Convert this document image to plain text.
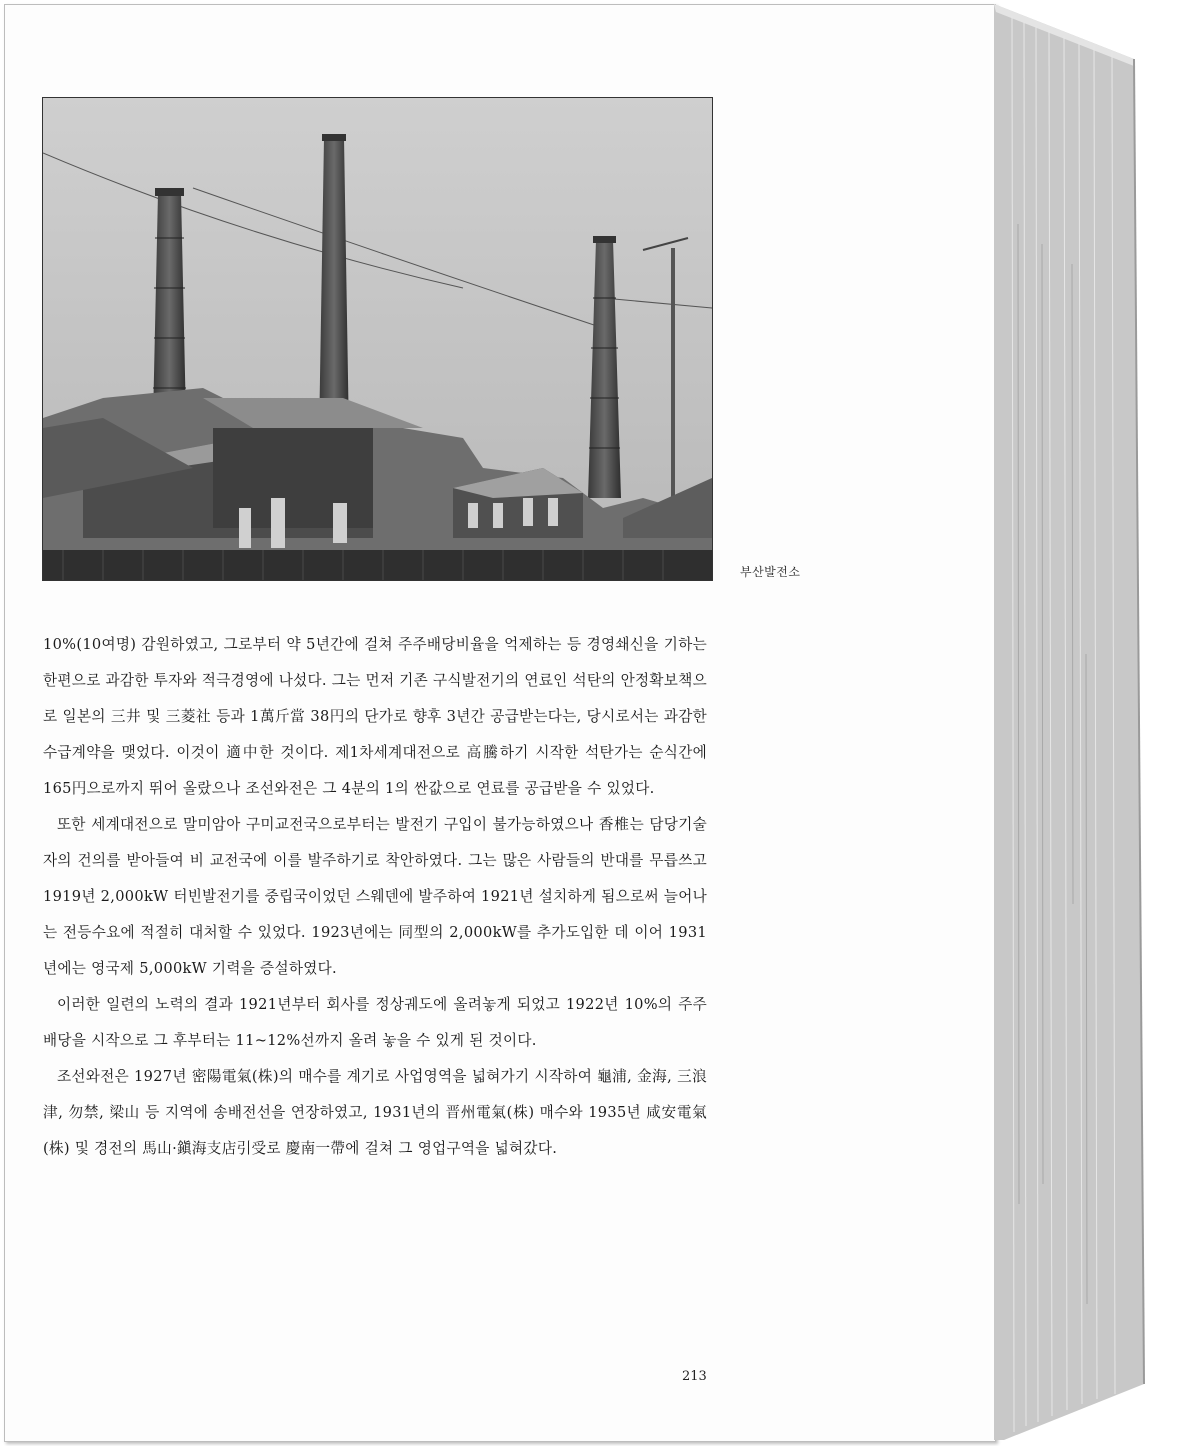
부산발전소

10%(10여명) 감원하였고, 그로부터 약 5년간에 걸쳐 주주배당비율을 억제하는 등 경영쇄신을 기하는 한편으로 과감한 투자와 적극경영에 나섰다. 그는 먼저 기존 구식발전기의 연료인 석탄의 안정확보책으로 일본의 三井 및 三菱社 등과 1萬斤當 38円의 단가로 향후 3년간 공급받는다는, 당시로서는 과감한 수급계약을 맺었다. 이것이 適中한 것이다. 제1차세계대전으로 高騰하기 시작한 석탄가는 순식간에 165円으로까지 뛰어 올랐으나 조선와전은 그 4분의 1의 싼값으로 연료를 공급받을 수 있었다.

또한 세계대전으로 말미암아 구미교전국으로부터는 발전기 구입이 불가능하였으나 香椎는 담당기술자의 건의를 받아들여 비 교전국에 이를 발주하기로 착안하였다. 그는 많은 사람들의 반대를 무릅쓰고 1919년 2,000kW 터빈발전기를 중립국이었던 스웨덴에 발주하여 1921년 설치하게 됨으로써 늘어나는 전등수요에 적절히 대처할 수 있었다. 1923년에는 同型의 2,000kW를 추가도입한 데 이어 1931년에는 영국제 5,000kW 기력을 증설하였다.

이러한 일련의 노력의 결과 1921년부터 회사를 정상궤도에 올려놓게 되었고 1922년 10%의 주주배당을 시작으로 그 후부터는 11~12%선까지 올려 놓을 수 있게 된 것이다.

조선와전은 1927년 密陽電氣(株)의 매수를 계기로 사업영역을 넓혀가기 시작하여 龜浦, 金海, 三浪津, 勿禁, 梁山 등 지역에 송배전선을 연장하였고, 1931년의 晋州電氣(株) 매수와 1935년 咸安電氣(株) 및 경전의 馬山·鎭海支店引受로 慶南一帶에 걸쳐 그 영업구역을 넓혀갔다.

213
